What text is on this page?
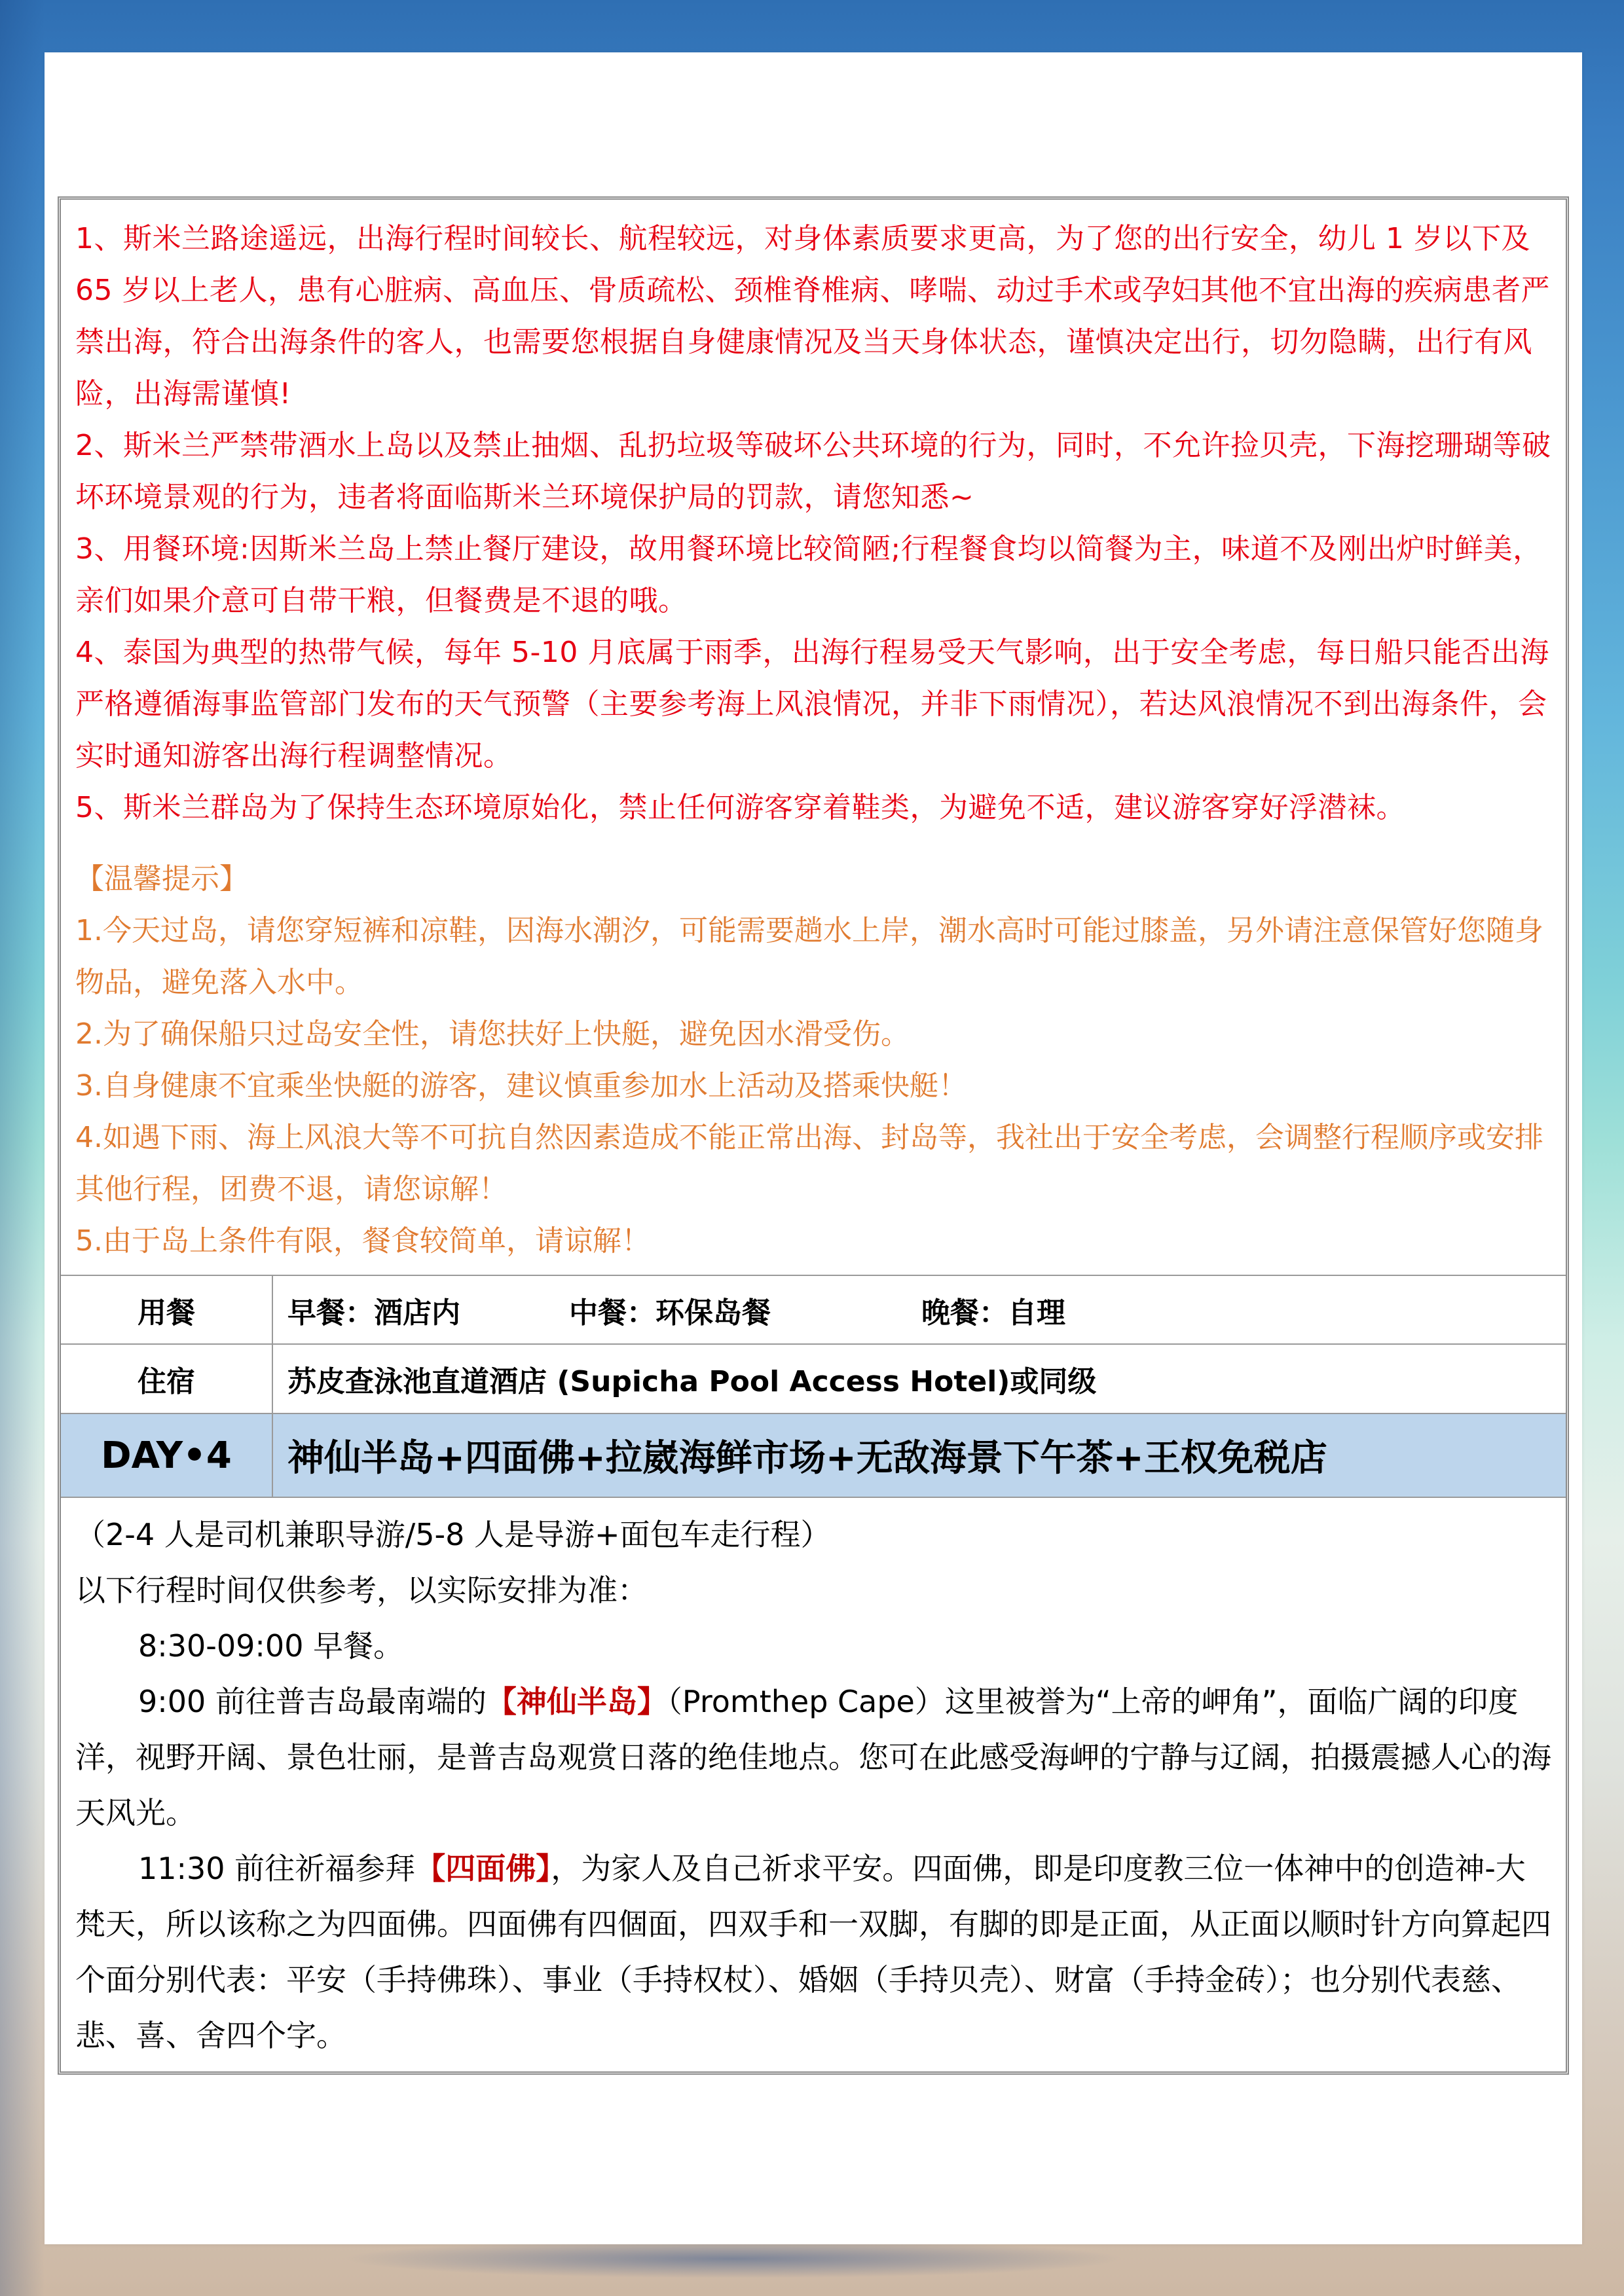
1、斯米兰路途遥远，出海行程时间较长、航程较远，对身体素质要求更高，为了您的出行安全，幼儿 1 岁以下及 65 岁以上老人，患有心脏病、高血压、骨质疏松、颈椎脊椎病、哮喘、动过手术或孕妇其他不宜出海的疾病患者严禁出海，符合出海条件的客人，也需要您根据自身健康情况及当天身体状态，谨慎决定出行，切勿隐瞒，出行有风险，出海需谨慎!

2、斯米兰严禁带酒水上岛以及禁止抽烟、乱扔垃圾等破坏公共环境的行为，同时，不允许捡贝壳，下海挖珊瑚等破坏环境景观的行为，违者将面临斯米兰环境保护局的罚款，请您知悉~

3、用餐环境:因斯米兰岛上禁止餐厅建设，故用餐环境比较简陋;行程餐食均以简餐为主，味道不及刚出炉时鲜美，亲们如果介意可自带干粮，但餐费是不退的哦。

4、泰国为典型的热带气候，每年 5-10 月底属于雨季，出海行程易受天气影响，出于安全考虑，每日船只能否出海严格遵循海事监管部门发布的天气预警（主要参考海上风浪情况，并非下雨情况），若达风浪情况不到出海条件，会实时通知游客出海行程调整情况。

5、斯米兰群岛为了保持生态环境原始化，禁止任何游客穿着鞋类，为避免不适，建议游客穿好浮潜袜。

【温馨提示】

1.今天过岛，请您穿短裤和凉鞋，因海水潮汐，可能需要趟水上岸，潮水高时可能过膝盖，另外请注意保管好您随身物品，避免落入水中。

2.为了确保船只过岛安全性，请您扶好上快艇，避免因水滑受伤。

3.自身健康不宜乘坐快艇的游客，建议慎重参加水上活动及搭乘快艇！

4.如遇下雨、海上风浪大等不可抗自然因素造成不能正常出海、封岛等，我社出于安全考虑，会调整行程顺序或安排其他行程，团费不退，请您谅解！

5.由于岛上条件有限，餐食较简单，请谅解！

用餐	早餐：酒店内	中餐：环保岛餐	晚餐：自理
住宿	苏皮查泳池直道酒店 (Supicha Pool Access Hotel)或同级
DAY•4	神仙半岛+四面佛+拉崴海鲜市场+无敌海景下午茶+王权免税店

（2-4 人是司机兼职导游/5-8 人是导游+面包车走行程）

以下行程时间仅供参考，以实际安排为准：

8:30-09:00 早餐。

9:00 前往普吉岛最南端的【神仙半岛】（Promthep Cape）这里被誉为“上帝的岬角”，面临广阔的印度洋，视野开阔、景色壮丽，是普吉岛观赏日落的绝佳地点。您可在此感受海岬的宁静与辽阔，拍摄震撼人心的海天风光。

11:30 前往祈福参拜【四面佛】，为家人及自己祈求平安。四面佛，即是印度教三位一体神中的创造神-大梵天，所以该称之为四面佛。四面佛有四個面，四双手和一双脚，有脚的即是正面，从正面以顺时针方向算起四个面分别代表：平安（手持佛珠）、事业（手持权杖）、婚姻（手持贝壳）、财富（手持金砖）；也分别代表慈、悲、喜、舍四个字。
